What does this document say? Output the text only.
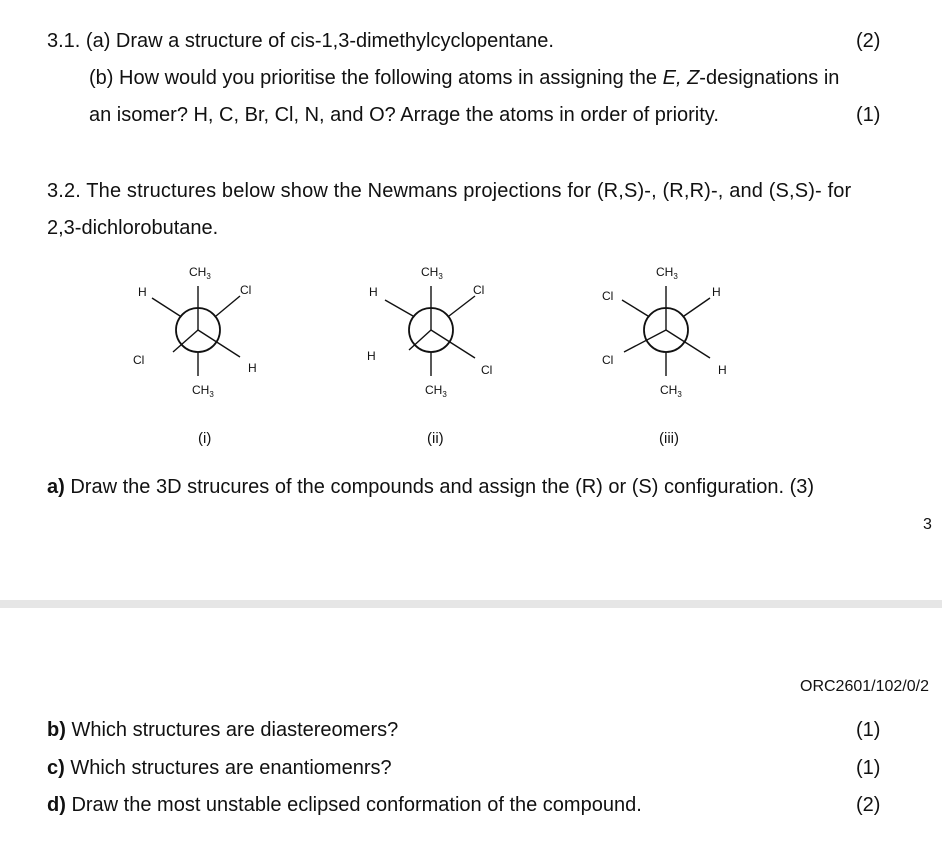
3.1. (a) Draw a structure of cis-1,3-dimethylcyclopentane.	(2)
(b) How would you prioritise the following atoms in assigning the E, Z-designations in
an isomer? H, C, Br, Cl, N, and O? Arrage the atoms in order of priority.	(1)
3.2. The structures below show the Newmans projections for (R,S)-, (R,R)-, and (S,S)- for
2,3-dichlorobutane.
$CH_3$
Cl
H
H	Cl
$CH_3$
$CH_3$
H
Cl
H	Cl
$CH_3$
$CH_3$
Cl
H
Cl	H
$CH_3$
(i)	(ii)	(iii)
a) Draw the 3D strucures of the compounds and assign the (R) or (S) configuration. (3)
3
ORC2601/102/0/2
b) Which structures are diastereomers?	(1)
c) Which structures are enantiomenrs?	(1)
d) Draw the most unstable eclipsed conformation of the compound.	(2)
